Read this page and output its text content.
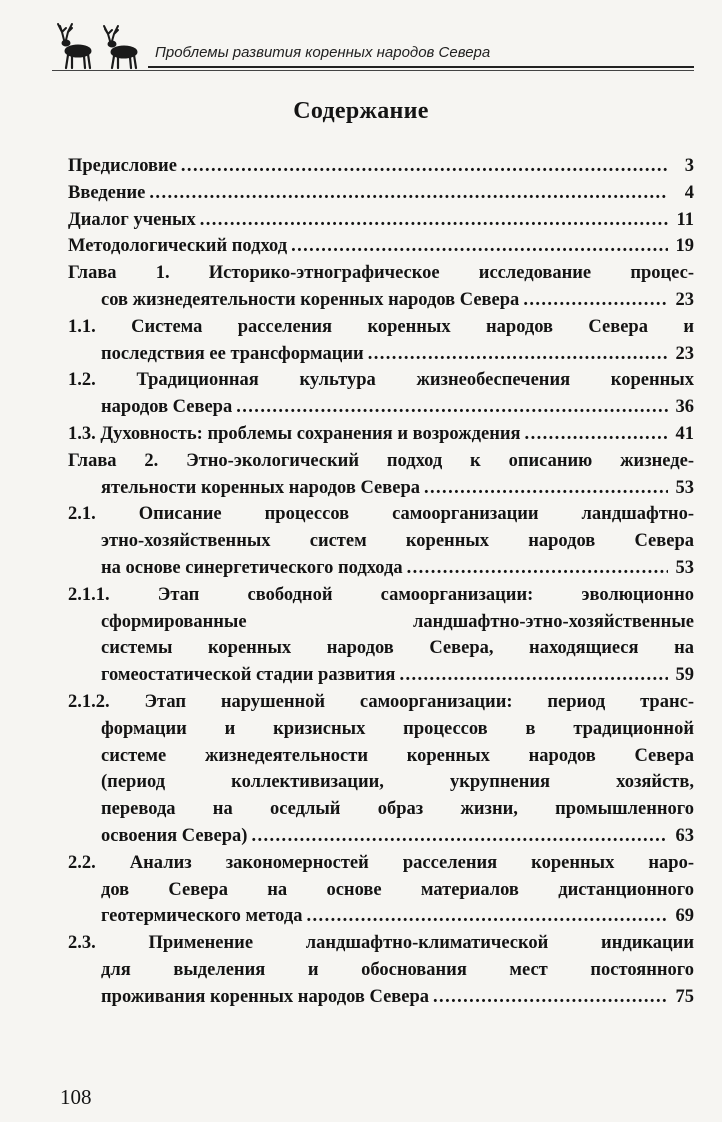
Проблемы развития коренных народов Севера
Содержание
Предисловие .....	3
Введение .....	4
Диалог ученых .....	11
Методологический подход .....	19
Глава 1. Историко-этнографическое исследование процес-
сов жизнедеятельности коренных народов Севера .....	23
1.1. Система расселения коренных народов Севера и
последствия ее трансформации .....	23
1.2. Традиционная культура жизнеобеспечения коренных
народов Севера .....	36
1.3. Духовность: проблемы сохранения и возрождения .....	41
Глава 2. Этно-экологический подход к описанию жизнеде-
ятельности коренных народов Севера .....	53
2.1. Описание процессов самоорганизации ландшафтно-
этно-хозяйственных систем коренных народов Севера
на основе синергетического подхода .....	53
2.1.1. Этап свободной самоорганизации: эволюционно
сформированные ландшафтно-этно-хозяйственные
системы коренных народов Севера, находящиеся на
гомеостатической стадии развития .....	59
2.1.2. Этап нарушенной самоорганизации: период транс-
формации и кризисных процессов в традиционной
системе жизнедеятельности коренных народов Севера
(период коллективизации, укрупнения хозяйств,
перевода на оседлый образ жизни, промышленного
освоения Севера) .....	63
2.2. Анализ закономерностей расселения коренных наро-
дов Севера на основе материалов дистанционного
геотермического метода .....	69
2.3. Применение ландшафтно-климатической индикации
для выделения и обоснования мест постоянного
проживания коренных народов Севера .....	75
108
